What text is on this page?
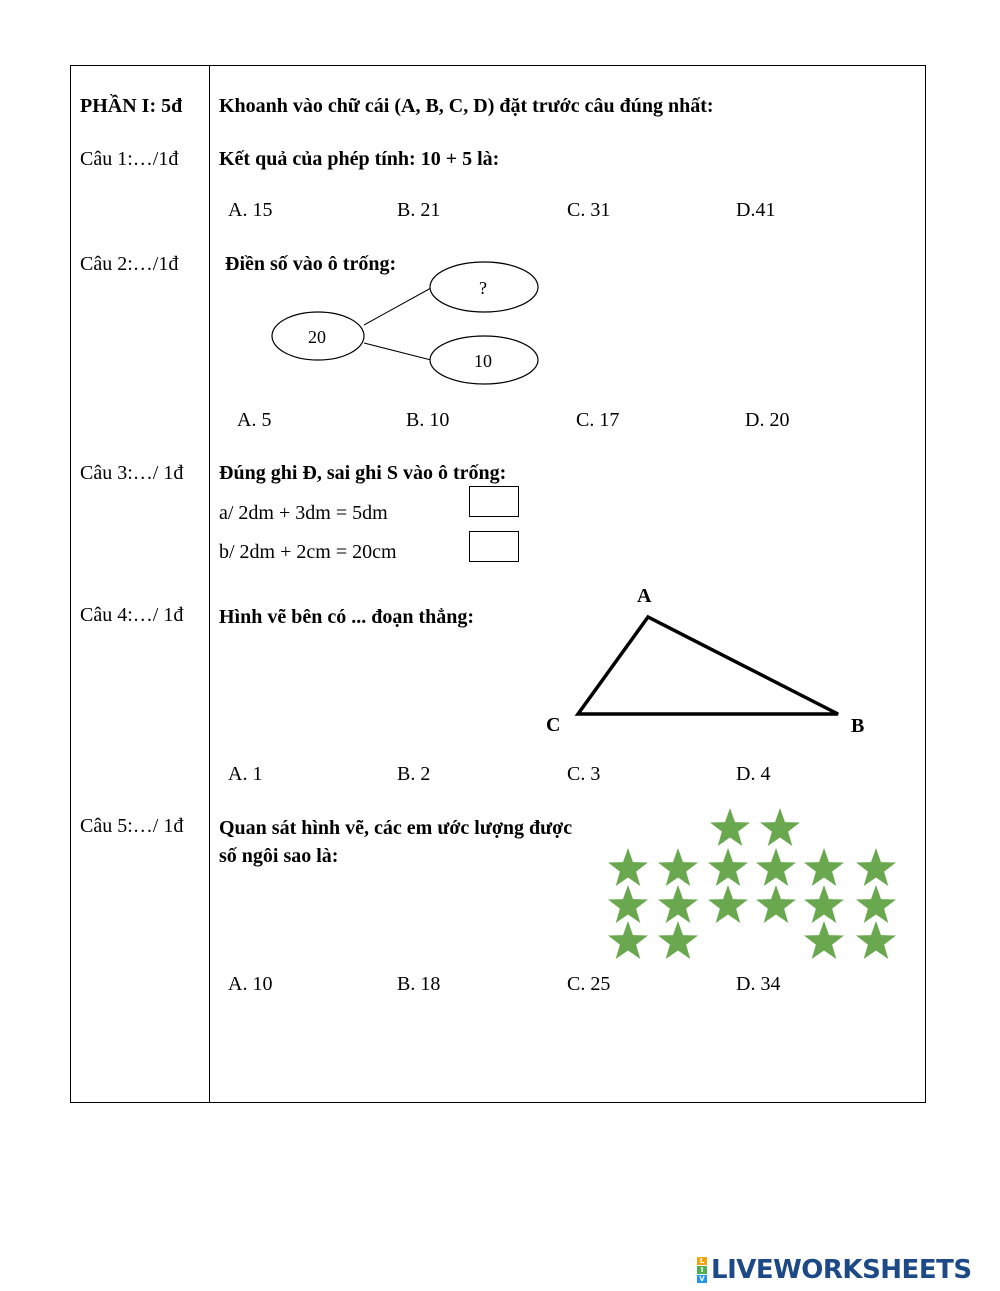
PHẦN I: 5đ Khoanh vào chữ cái (A, B, C, D) đặt trước câu đúng nhất:
Câu 1:…/1đ Kết quả của phép tính: 10 + 5 là:
A. 15	B. 21	C. 31	D.41
Câu 2:…/1đ Điền số vào ô trống:
20
?
10
A. 5	B. 10	C. 17	D. 20
Câu 3:…/ 1đ Đúng ghi Đ, sai ghi S vào ô trống:
a/ 2dm + 3dm = 5dm
b/ 2dm + 2cm = 20cm
Câu 4:…/ 1đ Hình vẽ bên có ... đoạn thẳng:
A
B
C
A. 1	B. 2	C. 3	D. 4
Câu 5:…/ 1đ Quan sát hình vẽ, các em ước lượng được
số ngôi sao là:
A. 10	B. 18	C. 25	D. 34
L
I
V LIVEWORKSHEETS
